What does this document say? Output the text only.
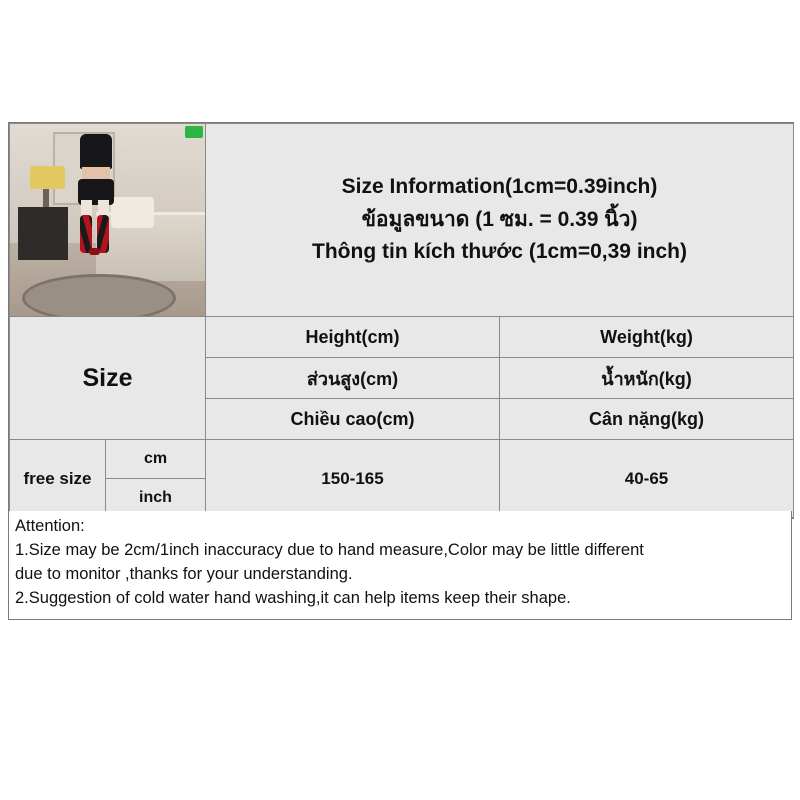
		Size Information(1cm=0.39inch)
ข้อมูลขนาด (1 ซม. = 0.39 นิ้ว)
Thông tin kích thước (1cm=0,39 inch)	

Size		Height(cm)	Weight(kg)
		ส่วนสูง(cm)	น้ำหนัก(kg)
		Chiều cao(cm)	Cân nặng(kg)
free size	cm	150-165	40-65
	inch		
Attention:
1.Size may be 2cm/1inch inaccuracy due to hand measure,Color may be little different
due to monitor ,thanks for your understanding.
2.Suggestion of cold water hand washing,it can help items keep their shape.
